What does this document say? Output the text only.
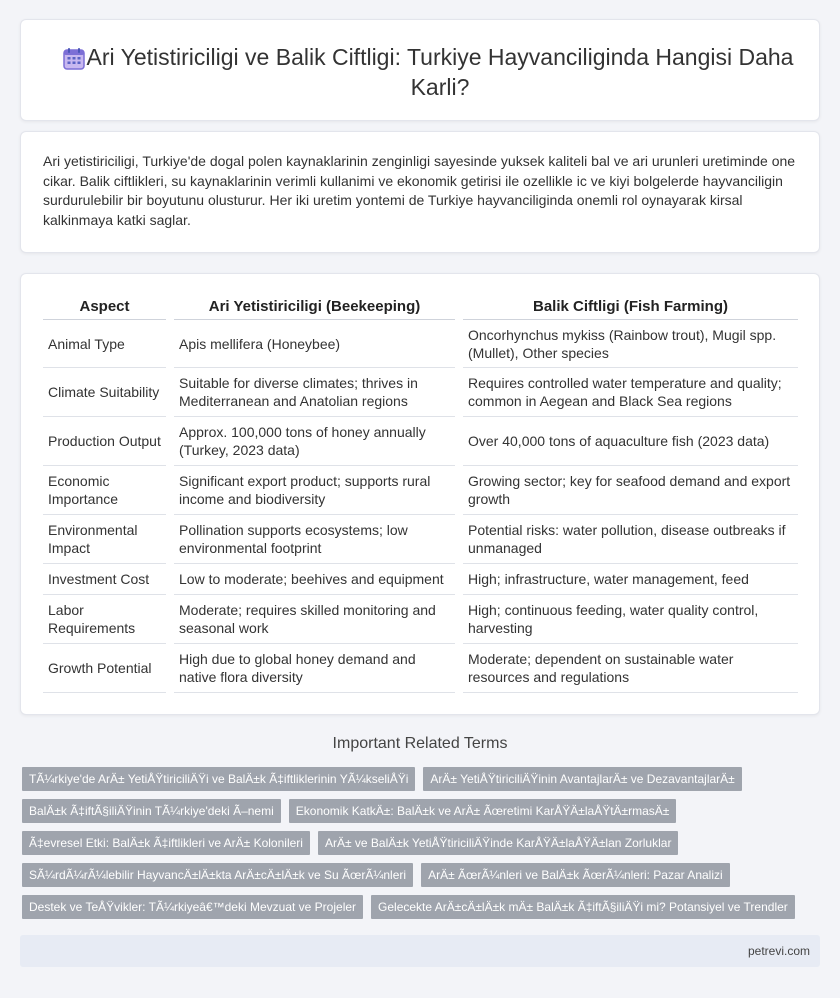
Ari Yetistiriciligi ve Balik Ciftligi: Turkiye Hayvanciliginda Hangisi Daha Karli?

Ari yetistiriciligi, Turkiye'de dogal polen kaynaklarinin zenginligi sayesinde yuksek kaliteli bal ve ari urunleri uretiminde one cikar. Balik ciftlikleri, su kaynaklarinin verimli kullanimi ve ekonomik getirisi ile ozellikle ic ve kiyi bolgelerde hayvanciligin surdurulebilir bir boyutunu olusturur. Her iki uretim yontemi de Turkiye hayvanciliginda onemli rol oynayarak kirsal kalkinmaya katki saglar.

Aspect	Ari Yetistiriciligi (Beekeeping)	Balik Ciftligi (Fish Farming)
Animal Type	Apis mellifera (Honeybee)	Oncorhynchus mykiss (Rainbow trout), Mugil spp. (Mullet), Other species
Climate Suitability	Suitable for diverse climates; thrives in Mediterranean and Anatolian regions	Requires controlled water temperature and quality; common in Aegean and Black Sea regions
Production Output	Approx. 100,000 tons of honey annually (Turkey, 2023 data)	Over 40,000 tons of aquaculture fish (2023 data)
Economic Importance	Significant export product; supports rural income and biodiversity	Growing sector; key for seafood demand and export growth
Environmental Impact	Pollination supports ecosystems; low environmental footprint	Potential risks: water pollution, disease outbreaks if unmanaged
Investment Cost	Low to moderate; beehives and equipment	High; infrastructure, water management, feed
Labor Requirements	Moderate; requires skilled monitoring and seasonal work	High; continuous feeding, water quality control, harvesting
Growth Potential	High due to global honey demand and native flora diversity	Moderate; dependent on sustainable water resources and regulations
Important Related Terms
TÃ¼rkiye'de ArÄ± YetiÅŸtiriciliÄŸi ve BalÄ±k Ã‡iftliklerinin YÃ¼kseliÅŸi	ArÄ± YetiÅŸtiriciliÄŸinin AvantajlarÄ± ve DezavantajlarÄ±
BalÄ±k Ã‡iftÃ§iliÄŸinin TÃ¼rkiye'deki Ã–nemi	Ekonomik KatkÄ±: BalÄ±k ve ArÄ± Ãœretimi KarÅŸÄ±laÅŸtÄ±rmasÄ±
Ã‡evresel Etki: BalÄ±k Ã‡iftlikleri ve ArÄ± Kolonileri	ArÄ± ve BalÄ±k YetiÅŸtiriciliÄŸinde KarÅŸÄ±laÅŸÄ±lan Zorluklar
SÃ¼rdÃ¼rÃ¼lebilir HayvancÄ±lÄ±kta ArÄ±cÄ±lÄ±k ve Su ÃœrÃ¼nleri	ArÄ± ÃœrÃ¼nleri ve BalÄ±k ÃœrÃ¼nleri: Pazar Analizi
Destek ve TeÅŸvikler: TÃ¼rkiyeâ€™deki Mevzuat ve Projeler	Gelecekte ArÄ±cÄ±lÄ±k mÄ± BalÄ±k Ã‡iftÃ§iliÄŸi mi? Potansiyel ve Trendler
petrevi.com
